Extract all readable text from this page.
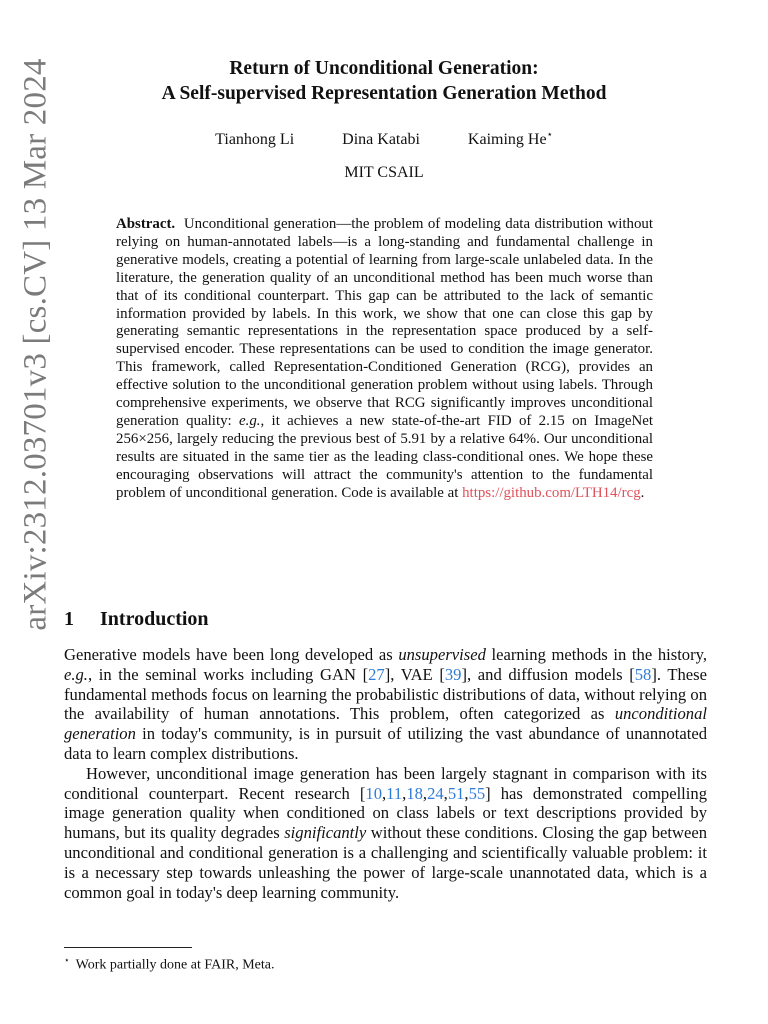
arXiv:2312.03701v3 [cs.CV] 13 Mar 2024	Return of Unconditional Generation:
A Self-supervised Representation Generation Method
Tianhong Li	Dina Katabi	Kaiming He⋆
MIT CSAIL
Abstract. Unconditional generation—the problem of modeling data distribution without relying on human-annotated labels—is a long-standing and fundamental challenge in generative models, creating a potential of learning from large-scale unlabeled data. In the literature, the generation quality of an unconditional method has been much worse than that of its conditional counterpart. This gap can be attributed to the lack of semantic information provided by labels. In this work, we show that one can close this gap by generating semantic representations in the representation space produced by a self-supervised encoder. These representations can be used to condition the image generator. This framework, called Representation-Conditioned Generation (RCG), provides an effective solution to the unconditional generation problem without using labels. Through comprehensive experiments, we observe that RCG significantly improves unconditional generation quality: e.g., it achieves a new state-of-the-art FID of 2.15 on ImageNet 256×256, largely reducing the previous best of 5.91 by a relative 64%. Our unconditional results are situated in the same tier as the leading class-conditional ones. We hope these encouraging observations will attract the community's attention to the fundamental problem of unconditional generation. Code is available at https://github.com/LTH14/rcg.
1 Introduction

Generative models have been long developed as unsupervised learning methods in the history, e.g., in the seminal works including GAN [27], VAE [39], and diffusion models [58]. These fundamental methods focus on learning the probabilistic distributions of data, without relying on the availability of human annotations. This problem, often categorized as unconditional generation in today's community, is in pursuit of utilizing the vast abundance of unannotated data to learn complex distributions.

However, unconditional image generation has been largely stagnant in comparison with its conditional counterpart. Recent research [10,11,18,24,51,55] has demonstrated compelling image generation quality when conditioned on class labels or text descriptions provided by humans, but its quality degrades significantly without these conditions. Closing the gap between unconditional and conditional generation is a challenging and scientifically valuable problem: it is a necessary step towards unleashing the power of large-scale unannotated data, which is a common goal in today's deep learning community.

⋆ Work partially done at FAIR, Meta.
